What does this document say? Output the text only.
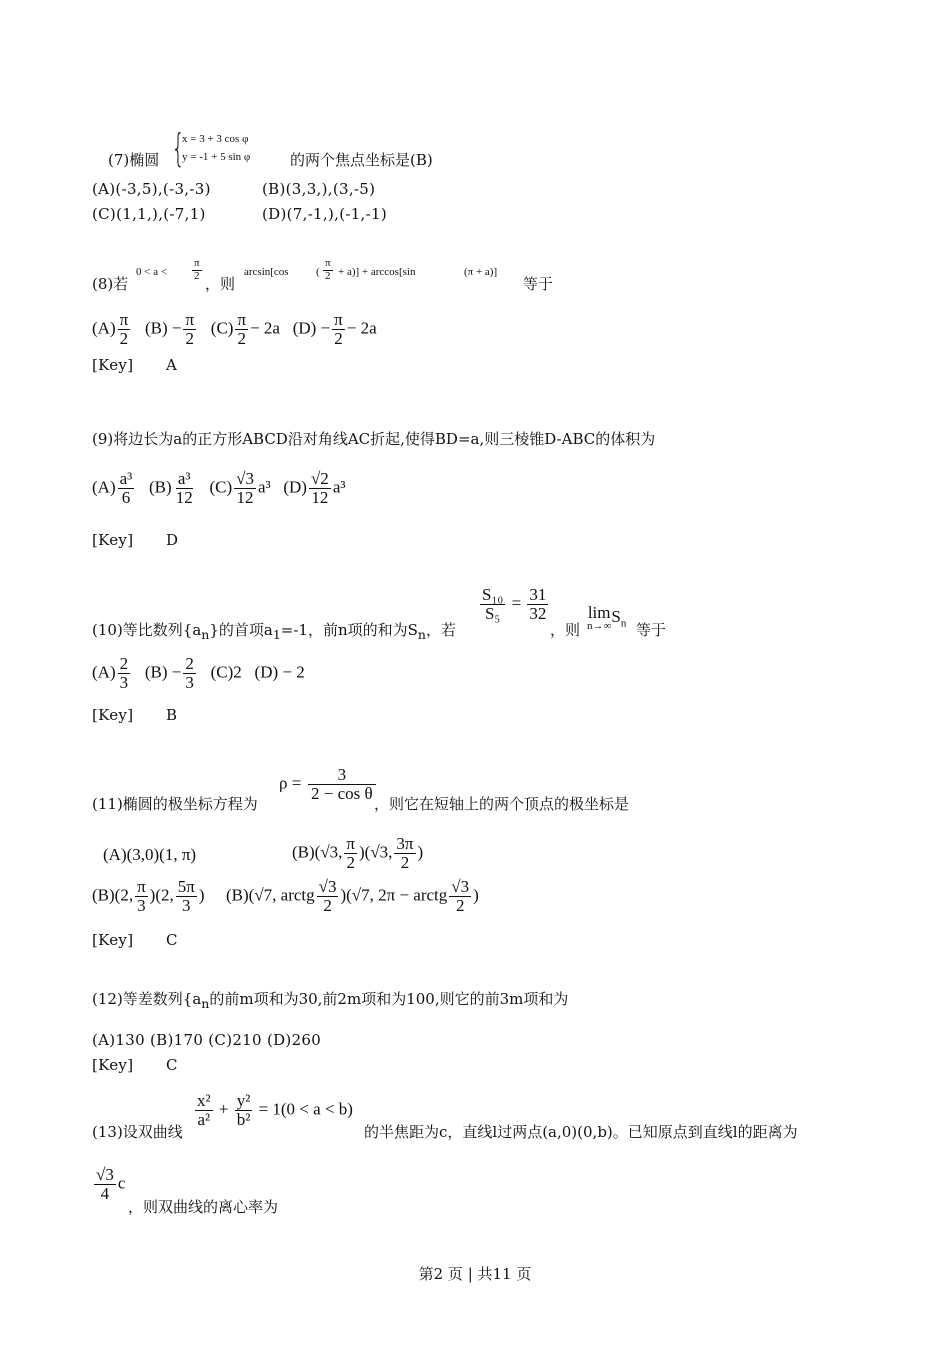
{
x = 3 + 3 cos φ
y = -1 + 5 sin φ
(7)椭圆	的两个焦点坐标是(B)
(A)(-3,5),(-3,-3)	(B)(3,3,),(3,-5)
(C)(1,1,),(-7,1)	(D)(7,-1,),(-1,-1)
(8)若
$0 < a < \frac{\pi}{2}$
，则
arcsin[cos ( $\frac{\pi}{2} + a)] + \arccos[\sin$	(π + a)]
等于
$(A) \frac{\pi}{2} (B) - \frac{\pi}{2} (C) \frac{\pi}{2} - 2a$ $(D) - \frac{\pi}{2} - 2a$
[Key] A
(9)将边长为a的正方形ABCD沿对角线AC折起,使得BD=a,则三棱锥D-ABC的体积为
$(A) \frac{\text{a³}}{6} (B) \frac{\text{a³}}{12} (C) \frac{√3}{12} a^3$ $(D) \frac{√2}{12} a^3$
[Key] D
(10)等比数列$\{a_n\}$的首项$a_1=-1$，前n项的和为$S_n$，若
$\frac{\text{S₁₀}}{\text{S₅}} = \frac{31}{32}$
，则
lim
n→∞
$S_n$ 等于
$(A) \frac{2}{3} (B) - \frac{2}{3} (C)2$ (D) − 2
[Key] B
(11)椭圆的极坐标方程为
$\rho = \frac{3}{\text{2 − cos θ}}$
，则它在短轴上的两个顶点的极坐标是
(A)(3,0)(1, π)	(B)(√3, $\frac{\pi}{2} )(√3$, $\frac{3\pi}{2}$ )
(B)(2, $\frac{\pi}{3} )(2$, $\frac{5\pi}{3}$ ) (B)(√7, arctg $\frac{√3}{2} )(√7$, 2π − arctg $\frac{√3}{2}$ )
[Key] C
(12)等差数列{$a_n$的前m项和为30,前2m项和为100,则它的前3m项和为
(A)130 (B)170 (C)210 (D)260
[Key] C
(13)设双曲线
$\frac{\text{x²}}{\text{a²}} + \frac{\text{y²}}{\text{b²}} = 1(0 < a < b)$
的半焦距为c，直线l过两点(a,0)(0,b)。已知原点到直线l的距离为
$\frac{√3}{4}$ c
，则双曲线的离心率为
第2 页 | 共11 页
